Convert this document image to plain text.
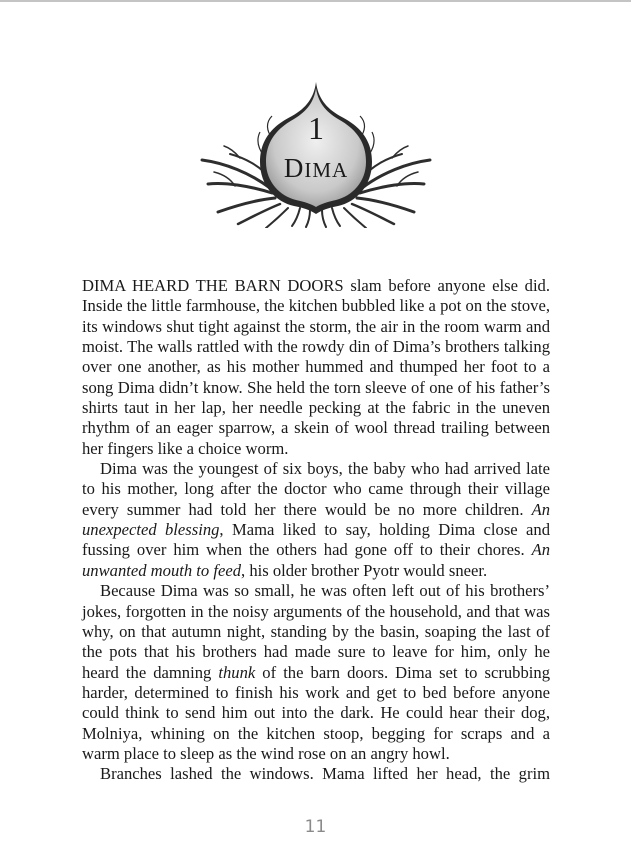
1
DIMA

DIMA HEARD THE BARN DOORS slam before anyone else did. Inside the little farmhouse, the kitchen bubbled like a pot on the stove, its windows shut tight against the storm, the air in the room warm and moist. The walls rattled with the rowdy din of Dima’s brothers talking over one another, as his mother hummed and thumped her foot to a song Dima didn’t know. She held the torn sleeve of one of his father’s shirts taut in her lap, her needle pecking at the fabric in the uneven rhythm of an eager sparrow, a skein of wool thread trailing between her fingers like a choice worm.

Dima was the youngest of six boys, the baby who had arrived late to his mother, long after the doctor who came through their village every summer had told her there would be no more children. An unexpected blessing, Mama liked to say, holding Dima close and fussing over him when the others had gone off to their chores. An unwanted mouth to feed, his older brother Pyotr would sneer.

Because Dima was so small, he was often left out of his brothers’ jokes, forgotten in the noisy arguments of the household, and that was why, on that autumn night, standing by the basin, soaping the last of the pots that his brothers had made sure to leave for him, only he heard the damning thunk of the barn doors. Dima set to scrubbing harder, determined to finish his work and get to bed before anyone could think to send him out into the dark. He could hear their dog, Molniya, whining on the kitchen stoop, begging for scraps and a warm place to sleep as the wind rose on an angry howl.

Branches lashed the windows. Mama lifted her head, the grim

11
